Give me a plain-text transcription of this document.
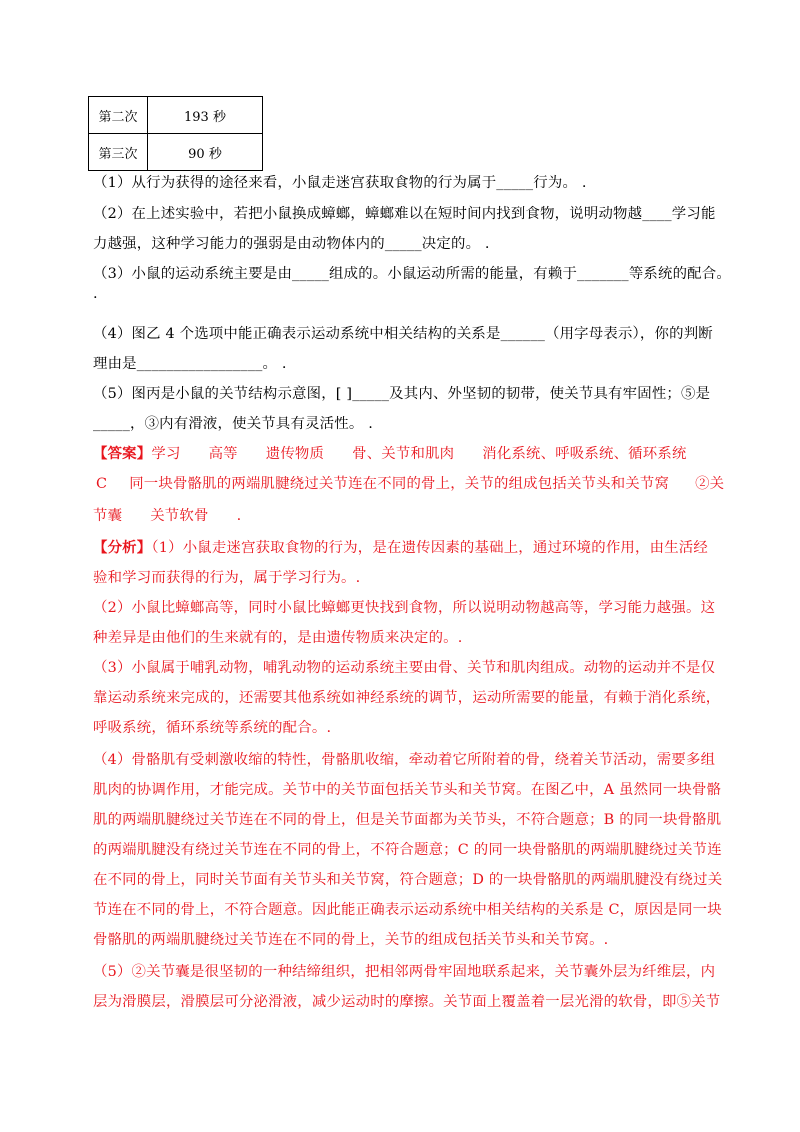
第二次	193 秒
第三次	90 秒
（1）从行为获得的途径来看，小鼠走迷宫获取食物的行为属于_____行为。 .
（2）在上述实验中，若把小鼠换成蟑螂，蟑螂难以在短时间内找到食物，说明动物越____学习能
力越强，这种学习能力的强弱是由动物体内的_____决定的。 .
（3）小鼠的运动系统主要是由_____组成的。小鼠运动所需的能量，有赖于_______等系统的配合。
.
（4）图乙 4 个选项中能正确表示运动系统中相关结构的关系是______（用字母表示），你的判断
理由是_________________。 .
（5）图丙是小鼠的关节结构示意图，[ ]_____及其内、外坚韧的韧带，使关节具有牢固性；⑤是
_____，③内有滑液，使关节具有灵活性。 .
【答案】学习 高等 遗传物质 骨、关节和肌肉 消化系统、呼吸系统、循环系统
C 同一块骨骼肌的两端肌腱绕过关节连在不同的骨上，关节的组成包括关节头和关节窝 ②关
节囊 关节软骨 .
【分析】（1）小鼠走迷宫获取食物的行为，是在遗传因素的基础上，通过环境的作用，由生活经
验和学习而获得的行为，属于学习行为。.
（2）小鼠比蟑螂高等，同时小鼠比蟑螂更快找到食物，所以说明动物越高等，学习能力越强。这
种差异是由他们的生来就有的，是由遗传物质来决定的。.
（3）小鼠属于哺乳动物，哺乳动物的运动系统主要由骨、关节和肌肉组成。动物的运动并不是仅
靠运动系统来完成的，还需要其他系统如神经系统的调节，运动所需要的能量，有赖于消化系统，
呼吸系统，循环系统等系统的配合。.
（4）骨骼肌有受刺激收缩的特性，骨骼肌收缩，牵动着它所附着的骨，绕着关节活动，需要多组
肌肉的协调作用，才能完成。关节中的关节面包括关节头和关节窝。在图乙中，A 虽然同一块骨骼
肌的两端肌腱绕过关节连在不同的骨上，但是关节面都为关节头，不符合题意；B 的同一块骨骼肌
的两端肌腱没有绕过关节连在不同的骨上，不符合题意；C 的同一块骨骼肌的两端肌腱绕过关节连
在不同的骨上，同时关节面有关节头和关节窝，符合题意；D 的一块骨骼肌的两端肌腱没有绕过关
节连在不同的骨上，不符合题意。因此能正确表示运动系统中相关结构的关系是 C，原因是同一块
骨骼肌的两端肌腱绕过关节连在不同的骨上，关节的组成包括关节头和关节窝。.
（5）②关节囊是很坚韧的一种结缔组织，把相邻两骨牢固地联系起来，关节囊外层为纤维层，内
层为滑膜层，滑膜层可分泌滑液，减少运动时的摩擦。关节面上覆盖着一层光滑的软骨，即⑤关节
